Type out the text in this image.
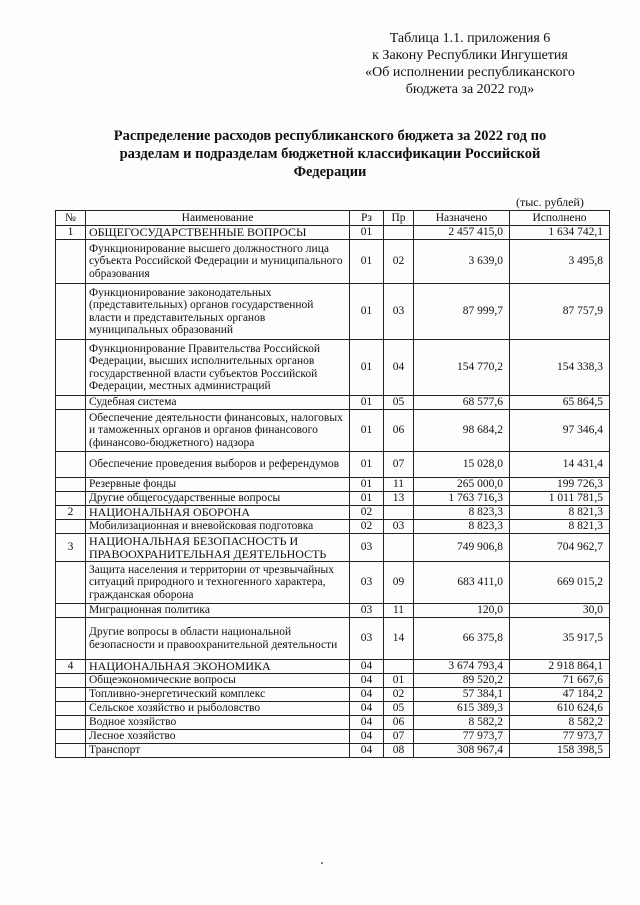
Таблица 1.1. приложения 6
к Закону Республики Ингушетия
«Об исполнении республиканского
бюджета за 2022 год»
Распределение расходов республиканского бюджета за 2022 год по
разделам и подразделам бюджетной классификации Российской
Федерации
(тыс. рублей)
№	Наименование	Рз	Пр	Назначено	Исполнено
1	ОБЩЕГОСУДАРСТВЕННЫЕ ВОПРОСЫ	01		2 457 415,0	1 634 742,1
	Функционирование высшего должностного лица субъекта Российской Федерации и муниципального образования	01	02	3 639,0	3 495,8
	Функционирование законодательных (представительных) органов государственной власти и представительных органов муниципальных образований	01	03	87 999,7	87 757,9
	Функционирование Правительства Российской Федерации, высших исполнительных органов государственной власти субъектов Российской Федерации, местных администраций	01	04	154 770,2	154 338,3
	Судебная система	01	05	68 577,6	65 864,5
	Обеспечение деятельности финансовых, налоговых и таможенных органов и органов финансового (финансово-бюджетного) надзора	01	06	98 684,2	97 346,4
	Обеспечение проведения выборов и референдумов	01	07	15 028,0	14 431,4
	Резервные фонды	01	11	265 000,0	199 726,3
	Другие общегосударственные вопросы	01	13	1 763 716,3	1 011 781,5
2	НАЦИОНАЛЬНАЯ ОБОРОНА	02		8 823,3	8 821,3
	Мобилизационная и вневойсковая подготовка	02	03	8 823,3	8 821,3
3	НАЦИОНАЛЬНАЯ БЕЗОПАСНОСТЬ И ПРАВООХРАНИТЕЛЬНАЯ ДЕЯТЕЛЬНОСТЬ	03		749 906,8	704 962,7
	Защита населения и территории от чрезвычайных ситуаций природного и техногенного характера, гражданская оборона	03	09	683 411,0	669 015,2
	Миграционная политика	03	11	120,0	30,0
	Другие вопросы в области национальной безопасности и правоохранительной деятельности	03	14	66 375,8	35 917,5
4	НАЦИОНАЛЬНАЯ ЭКОНОМИКА	04		3 674 793,4	2 918 864,1
	Общеэкономические вопросы	04	01	89 520,2	71 667,6
	Топливно-энергетический комплекс	04	02	57 384,1	47 184,2
	Сельское хозяйство и рыболовство	04	05	615 389,3	610 624,6
	Водное хозяйство	04	06	8 582,2	8 582,2
	Лесное хозяйство	04	07	77 973,7	77 973,7
	Транспорт	04	08	308 967,4	158 398,5
